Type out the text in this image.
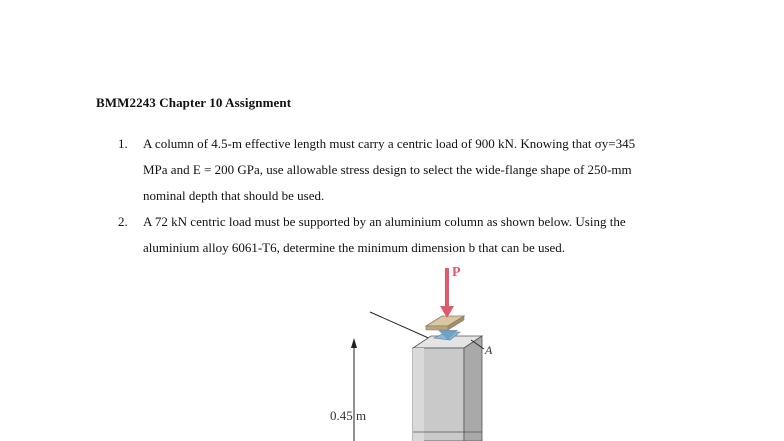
BMM2243 Chapter 10 Assignment
1. A column of 4.5-m effective length must carry a centric load of 900 kN. Knowing that σy=345
MPa and E = 200 GPa, use allowable stress design to select the wide-flange shape of 250-mm
nominal depth that should be used.
2. A 72 kN centric load must be supported by an aluminium column as shown below. Using the
aluminium alloy 6061-T6, determine the minimum dimension b that can be used.
P
A
0.45 m
